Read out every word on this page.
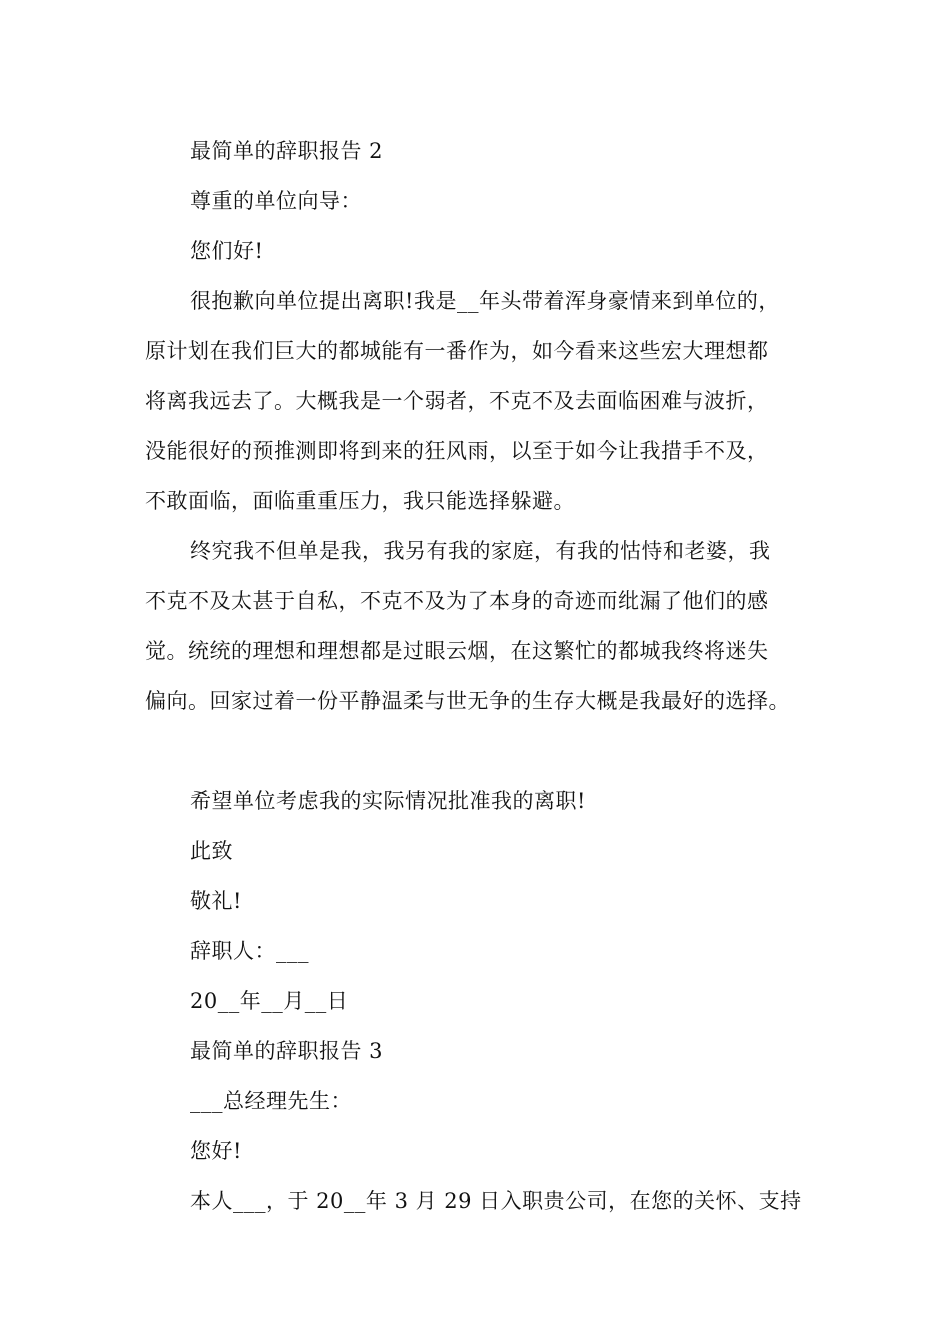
最简单的辞职报告 2
尊重的单位向导：
您们好!
很抱歉向单位提出离职!我是__年头带着浑身豪情来到单位的，
原计划在我们巨大的都城能有一番作为，如今看来这些宏大理想都
将离我远去了。大概我是一个弱者，不克不及去面临困难与波折，
没能很好的预推测即将到来的狂风雨，以至于如今让我措手不及，
不敢面临，面临重重压力，我只能选择躲避。
终究我不但单是我，我另有我的家庭，有我的怙恃和老婆，我
不克不及太甚于自私，不克不及为了本身的奇迹而纰漏了他们的感
觉。统统的理想和理想都是过眼云烟，在这繁忙的都城我终将迷失
偏向。回家过着一份平静温柔与世无争的生存大概是我最好的选择。
希望单位考虑我的实际情况批准我的离职!
此致
敬礼!
辞职人：___
20__年__月__日
最简单的辞职报告 3
___总经理先生：
您好!
本人___，于 20__年 3 月 29 日入职贵公司，在您的关怀、支持
